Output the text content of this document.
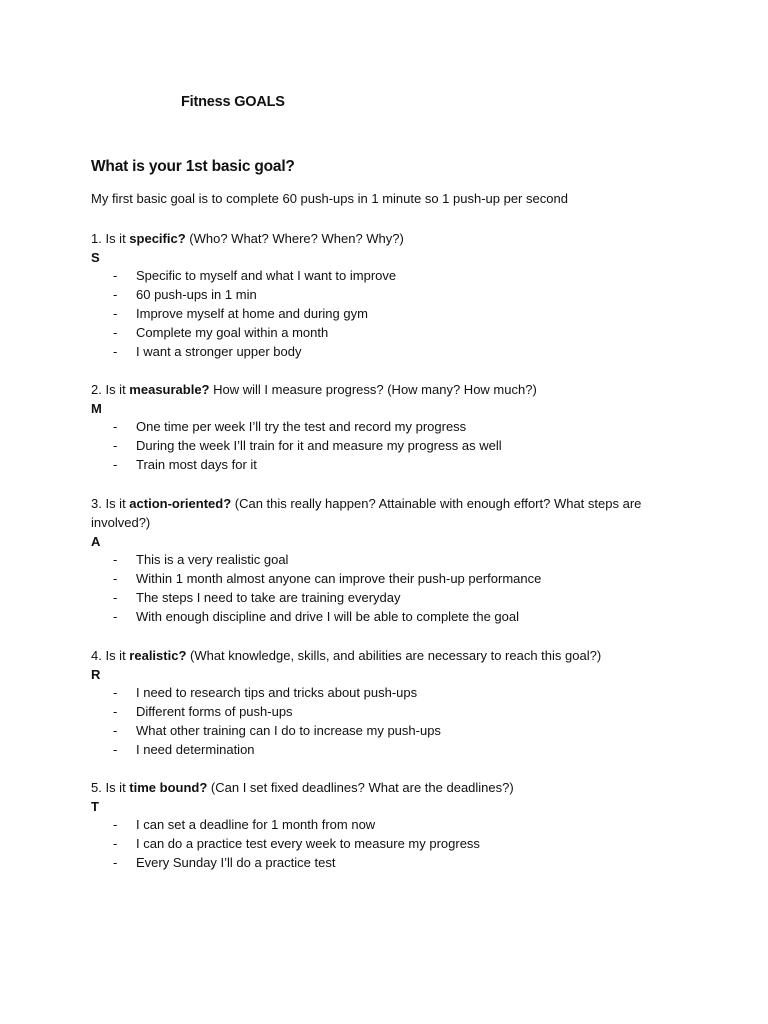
Fitness GOALS
What is your 1st basic goal?
My first basic goal is to complete 60 push-ups in 1 minute so 1 push-up per second

1. Is it specific? (Who? What? Where? When? Why?)

S

- Specific to myself and what I want to improve
- 60 push-ups in 1 min
- Improve myself at home and during gym
- Complete my goal within a month
- I want a stronger upper body

2. Is it measurable? How will I measure progress? (How many? How much?)

M

- One time per week I’ll try the test and record my progress
- During the week I’ll train for it and measure my progress as well
- Train most days for it

3. Is it action-oriented? (Can this really happen? Attainable with enough effort? What steps are involved?)

A

- This is a very realistic goal
- Within 1 month almost anyone can improve their push-up performance
- The steps I need to take are training everyday
- With enough discipline and drive I will be able to complete the goal

4. Is it realistic? (What knowledge, skills, and abilities are necessary to reach this goal?)

R

- I need to research tips and tricks about push-ups
- Different forms of push-ups
- What other training can I do to increase my push-ups
- I need determination

5. Is it time bound? (Can I set fixed deadlines? What are the deadlines?)

T

- I can set a deadline for 1 month from now
- I can do a practice test every week to measure my progress
- Every Sunday I’ll do a practice test
